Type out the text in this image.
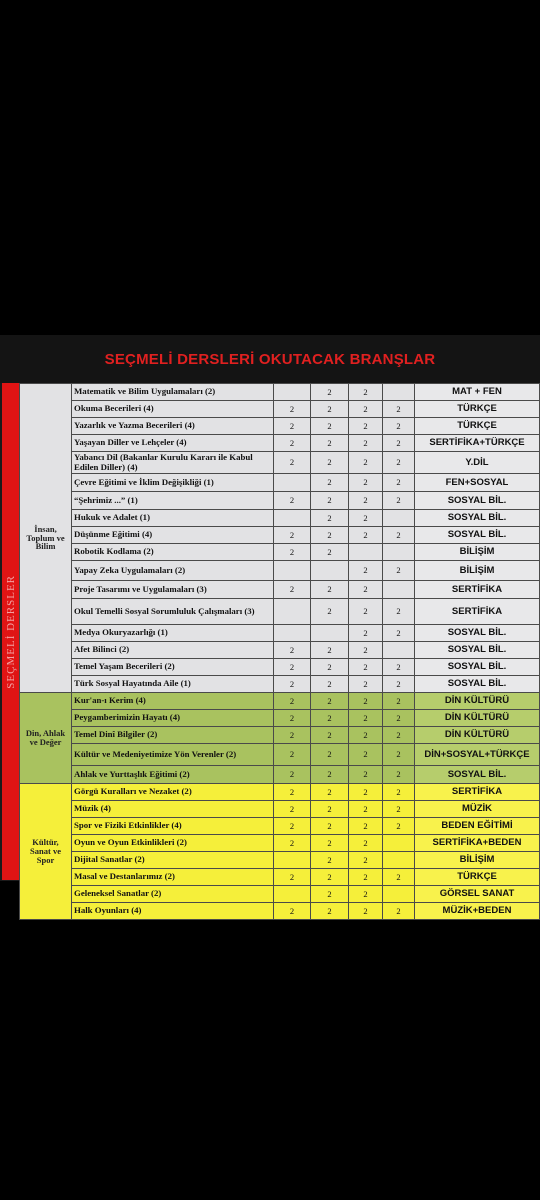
SEÇMELİ DERSLERİ OKUTACAK BRANŞLAR
SEÇMELİ DERSLER
İnsan, Toplum ve Bilim	Matematik ve Bilim Uygulamaları (2)		2	2		MAT + FEN
	Okuma Becerileri (4)	2	2	2	2	TÜRKÇE
	Yazarlık ve Yazma Becerileri (4)	2	2	2	2	TÜRKÇE
	Yaşayan Diller ve Lehçeler (4)	2	2	2	2	SERTİFİKA+TÜRKÇE
	Yabancı Dil (Bakanlar Kurulu Kararı ile Kabul Edilen Diller) (4)	2	2	2	2	Y.DİL
	Çevre Eğitimi ve İklim Değişikliği (1)		2	2	2	FEN+SOSYAL
	“Şehrimiz ...” (1)	2	2	2	2	SOSYAL BİL.
	Hukuk ve Adalet (1)		2	2		SOSYAL BİL.
	Düşünme Eğitimi (4)	2	2	2	2	SOSYAL BİL.
	Robotik Kodlama (2)	2	2			BİLİŞİM
	Yapay Zeka Uygulamaları (2)			2	2	BİLİŞİM
	Proje Tasarımı ve Uygulamaları (3)	2	2	2		SERTİFİKA
	Okul Temelli Sosyal Sorumluluk Çalışmaları (3)		2	2	2	SERTİFİKA
	Medya Okuryazarlığı (1)			2	2	SOSYAL BİL.
	Afet Bilinci (2)	2	2	2		SOSYAL BİL.
	Temel Yaşam Becerileri (2)	2	2	2	2	SOSYAL BİL.
	Türk Sosyal Hayatında Aile (1)	2	2	2	2	SOSYAL BİL.
Din, Ahlak ve Değer	Kur'an-ı Kerim (4)	2	2	2	2	DİN KÜLTÜRÜ
	Peygamberimizin Hayatı (4)	2	2	2	2	DİN KÜLTÜRÜ
	Temel Dinî Bilgiler (2)	2	2	2	2	DİN KÜLTÜRÜ
	Kültür ve Medeniyetimize Yön Verenler (2)	2	2	2	2	DİN+SOSYAL+TÜRKÇE
	Ahlak ve Yurttaşlık Eğitimi (2)	2	2	2	2	SOSYAL BİL.
Kültür, Sanat ve Spor	Görgü Kuralları ve Nezaket (2)	2	2	2	2	SERTİFİKA
	Müzik (4)	2	2	2	2	MÜZİK
	Spor ve Fiziki Etkinlikler (4)	2	2	2	2	BEDEN EĞİTİMİ
	Oyun ve Oyun Etkinlikleri (2)	2	2	2		SERTİFİKA+BEDEN
	Dijital Sanatlar (2)		2	2		BİLİŞİM
	Masal ve Destanlarımız (2)	2	2	2	2	TÜRKÇE
	Geleneksel Sanatlar (2)		2	2		GÖRSEL SANAT
	Halk Oyunları (4)	2	2	2	2	MÜZİK+BEDEN
